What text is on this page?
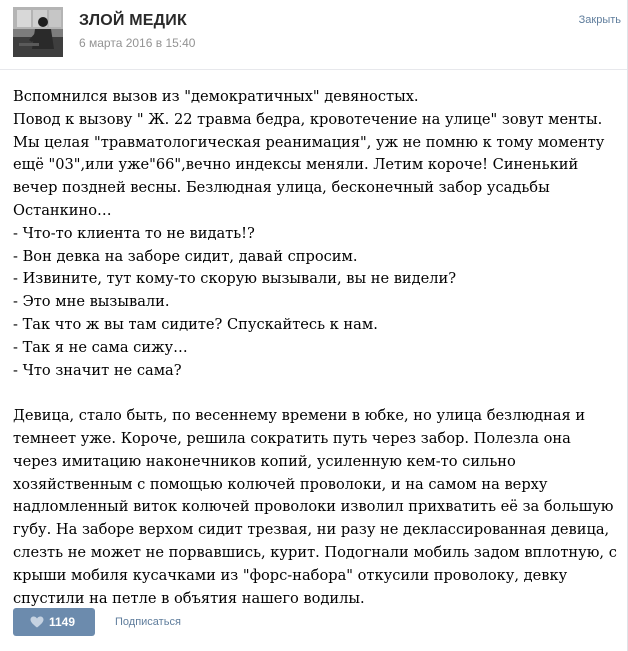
ЗЛОЙ МЕДИК
6 марта 2016 в 15:40
Закрыть

Вспомнился вызов из "демократичных" девяностых.
Повод к вызову " Ж. 22 травма бедра, кровотечение на улице" зовут менты. Мы целая "травматологическая реанимация", уж не помню к тому моменту ещё "03",или уже"66",вечно индексы меняли. Летим короче! Синенький вечер поздней весны. Безлюдная улица, бесконечный забор усадьбы Останкино…
- Что-то клиента то не видать!?
- Вон девка на заборе сидит, давай спросим.
- Извините, тут кому-то скорую вызывали, вы не видели?
- Это мне вызывали.
- Так что ж вы там сидите? Спускайтесь к нам.
- Так я не сама сижу…
- Что значит не сама?

Девица, стало быть, по весеннему времени в юбке, но улица безлюдная и темнеет уже. Короче, решила сократить путь через забор. Полезла она через имитацию наконечников копий, усиленную кем-то сильно хозяйственным с помощью колючей проволоки, и на самом на верху надломленный виток колючей проволоки изволил прихватить её за большую губу. На заборе верхом сидит трезвая, ни разу не деклассированная девица, слезть не может не порвавшись, курит. Подогнали мобиль задом вплотную, с крыши мобиля кусачками из "форс-набора" откусили проволоку, девку спустили на петле в объятия нашего водилы.

1149	Подписаться
